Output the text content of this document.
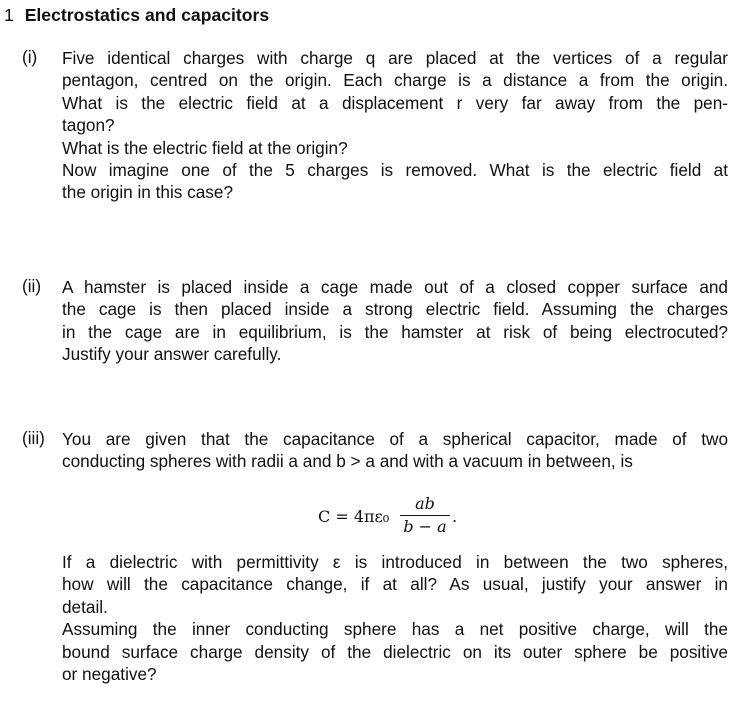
1 Electrostatics and capacitors
(i)	Five identical charges with charge q are placed at the vertices of a regular
pentagon, centred on the origin. Each charge is a distance a from the origin.
What is the electric field at a displacement r very far away from the pen-
tagon?
What is the electric field at the origin?
Now imagine one of the 5 charges is removed. What is the electric field at
the origin in this case?
(ii)	A hamster is placed inside a cage made out of a closed copper surface and
the cage is then placed inside a strong electric field. Assuming the charges
in the cage are in equilibrium, is the hamster at risk of being electrocuted?
Justify your answer carefully.
(iii) You are given that the capacitance of a spherical capacitor, made of two
conducting spheres with radii a and b > a and with a vacuum in between, is
If a dielectric with permittivity ε is introduced in between the two spheres,
how will the capacitance change, if at all? As usual, justify your answer in
detail.
Assuming the inner conducting sphere has a net positive charge, will the
bound surface charge density of the dielectric on its outer sphere be positive
or negative?
C = 4πε₀
ab
b − a
.
